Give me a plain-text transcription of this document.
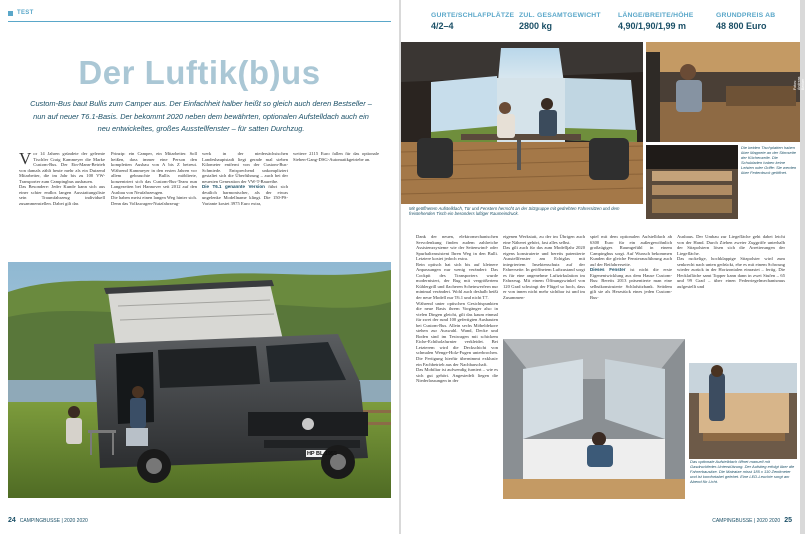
TEST
Der Luftik(b)us
Custom-Bus baut Bullis zum Camper aus. Der Einfachheit halber heißt so gleich auch deren Bestseller – nun auf neuer T6.1-Basis. Der bekommt 2020 neben dem bewährten, optionalen Aufstelldach auch ein neu entwickeltes, großes Ausstellfenster – für satten Durchzug.
V or 14 Jahren gründete der gelernte Tischler Craig Kammeyer die Marke Custom-Bus. Der Ein-Mann-Betrieb von damals zählt heute mehr als ein Dutzend Mitarbeiter, die im Jahr bis zu 100 VW-Transporter zum Campingbus ausbauen.
Das Besondere: Jeder Kunde kann sich aus einer schier endlos langen Ausstattungsliste sein Traumfahrzeug individuell zusammenstellen. Dabei gilt das
Prinzip: ein Camper, ein Mitarbeiter. Soll heißen, dass immer eine Person den kompletten Ausbau von A bis Z betreut. Während Kammeyer in den ersten Jahren vor allem gebrauchte Bullis möblierte, konzentriert sich das Custom-Bus-Team nun Langezeiten bei Hannover seit 2012 auf den Ausbau von Neufahrzeugen.
Die haben meist einen langen Weg hinter sich. Denn das Volkswagen-Nutzfahrzeug-
werk in der niedersächsischen Landeshauptstadt liegt gerade mal sieben Kilometer entfernt von der Custom-Bus-Schmiede. Entsprechend unkompliziert gestaltet sich die Überführung – auch bei der neuesten Generation der VW-T-Baureihe.
Die T6.1 genannte Version führt sich deutlich harmonischer, als der etwas ungelenke Modellname klingt. Die 150-PS-Variante kostet 3975 Euro extra,
weitere 2115 Euro fallen für das optionale Sieben-Gang-DSG-Automatikgetriebe an.
HP BL 1955
24 CAMPINGBUSSE | 2020 2020
GURTE/SCHLAFPLÄTZE
4/2–4
ZUL. GESAMTGEWICHT
2800 kg
LÄNGE/BREITE/HÖHE
4,90/1,90/1,99 m
GRUNDPREIS AB
48 800 Euro
Mit geöffnetem Aufstelldach, Tür und Fenstern herrscht an der Sitzgruppe mit gedrehten Fahrersitzen und dem freistehenden Tisch ein besonders luftiger Raumeindruck.
Fotos: Andreas Becker
Die beiden Tischplatten haben über Magnete an der Stirnseite der Küchenzeile. Die Schubladen haben keine Leisten oder Griffe: Sie werden über Federdruck geöffnet.
Dank der neuen, elektromechanischen Servolenkung finden zudem zahlreiche Assistenzsysteme wie der Seitenwind- oder Spurhalteassistent Ihren Weg in den Bulli. Letztere kostet jedoch extra.
Rein optisch hat sich bis auf kleinere Anpassungen nur wenig verändert: Das Cockpit des Transporters wurde modernisiert, der Bug mit vergrößertem Kühlergrill und flacheren Scheinwerfern nur minimal verändert. Wohl auch deshalb heißt der neue Modell nur T6.1 und nicht T7.
Während unter optischen Gesichtspunkten die neue Basis ihrem Vorgänger also in vielen Dingen gleicht, gilt das kaum einmal für zwei der rund 100 gefertigten Ausbauten bei Custom-Bus. Allein sechs Möbeldekore stehen zur Auswahl. Wand, Decke und Boden sind im Testwagen mit schickem Eiche-Echtholzfurnier verkleidet. Bei Letzterem wird die Deckschicht von schmalen Wenge-Holz-Fugen unterbrochen. Die Fertigung hierfür übernimmt exklusiv ein Fachbetrieb aus der Nachbarschaft.
Das Mobiliar ist aufwendig furniert – wie es sich gut gehört. Angesiedelt liegen die Niederlassungen in der
eigenen Werkstatt, zu der im Übrigen auch eine Näherei gehört, fast alles selbst.
Das gilt auch für das zum Modelljahr 2020 eigens konstruierte und bereits patentierte Ausstellfenster am Echtglas mit integriertem Insektenschutz auf der Fahrerseite. In geöffnetem Luftzustand sorgt es für eine angenehme Luftzirkulation im Fahrzeug. Mit einem Öffnungswinkel von 120 Grad schwingt der Flügel so hoch, dass er von innen nicht mehr sichtbar ist und im Zusammen-
spiel mit dem optionalen Aufstelldach ab 6300 Euro für ein außergewöhnlich großzügiges Raumgefühl in einem Campingbus sorgt. Auf Wunsch bekommen Kunden die gleiche Fensterausführung auch auf der Beifahrerseite.
Dieses Fenster ist nicht die erste Eigenentwicklung aus dem Hause Custom-Bus: Bereits 2013 präsentierte man eine selbstkonstruierte Schlafsitzbank. Seitdem gilt sie als Herzstück eines jeden Custom-Bus-
Ausbaus. Der Umbau zur Liegefläche geht dabei leicht von der Hand. Durch Ziehen zweier Zuggriffe unterhalb der Sitzpolstern lösen sich die Arretierungen der Liegefläche.
Das ruckelige, hochklappige Sitzpolster wird zum senkrecht nach unten gedrückt, ehe es mit einem Schwung wieder zurück in der Horizontalen einrastet – fertig. Die Hecklafläche samt Topper kann dann in zwei Stufen – 65 und 99 Grad – über einen Federriegelmechanismus aufgestellt und
Das optionale Aufstelldach öffnet manuell mit Gasdruckfeder-Unterstützung. Der Aufstieg erfolgt über die Fahrerbausitze. Die Matratze misst 185 x 110 Zentimeter und ist komfortabel gelebet. Eine LED-Leuchte sorgt am Abend für Licht.
CAMPINGBUSSE | 2020 2020 25
